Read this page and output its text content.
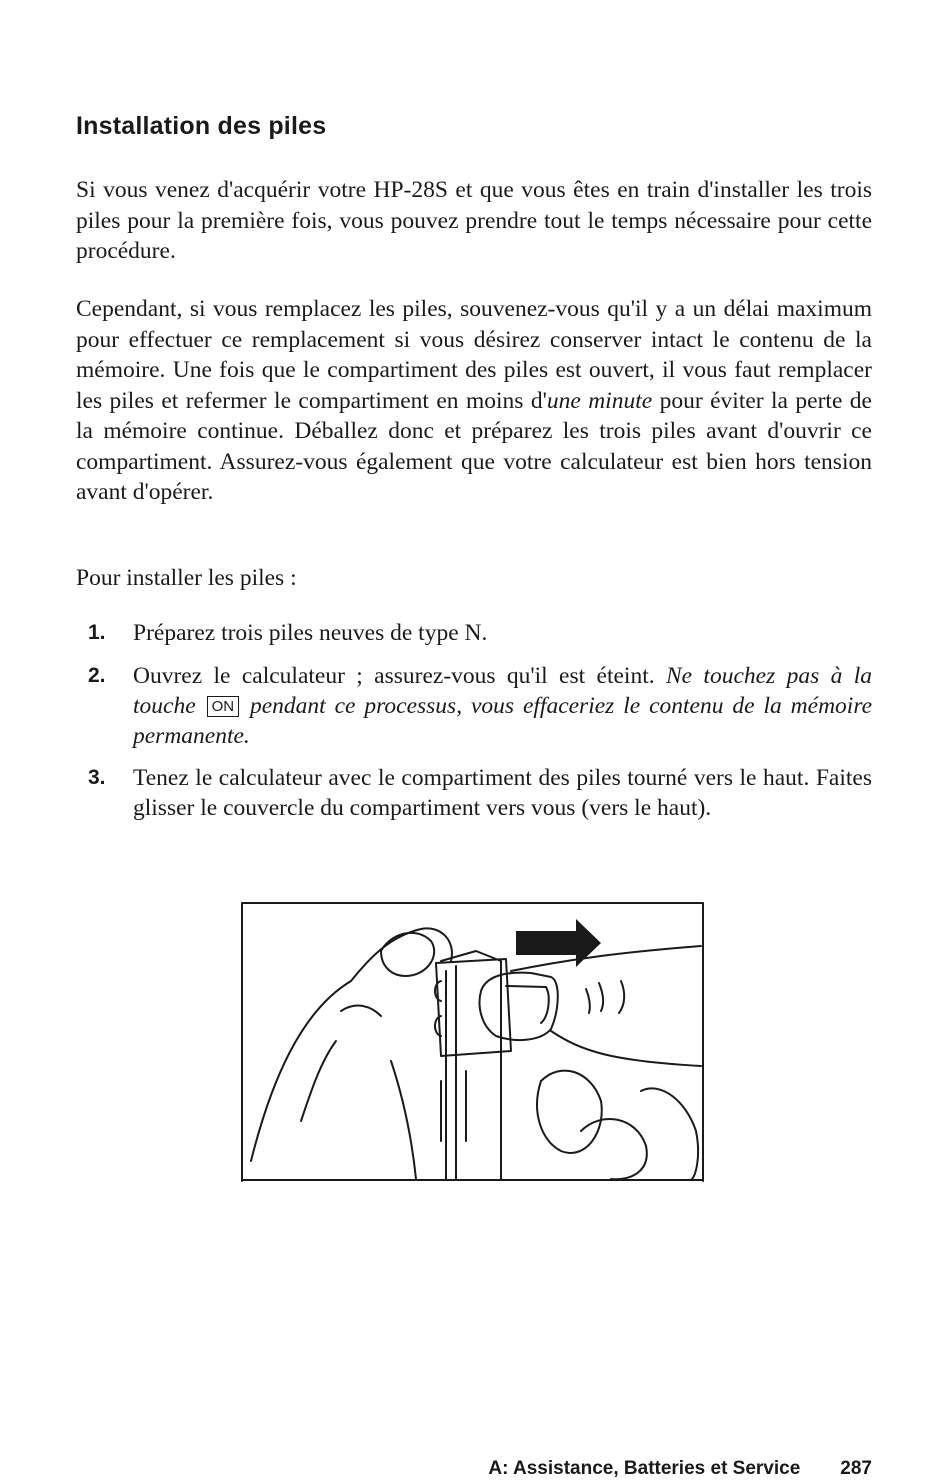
Installation des piles

Si vous venez d'acquérir votre HP-28S et que vous êtes en train d'installer les trois piles pour la première fois, vous pouvez prendre tout le temps nécessaire pour cette procédure.

Cependant, si vous remplacez les piles, souvenez-vous qu'il y a un délai maximum pour effectuer ce remplacement si vous désirez conserver intact le contenu de la mémoire. Une fois que le compartiment des piles est ouvert, il vous faut remplacer les piles et refermer le compartiment en moins d'une minute pour éviter la perte de la mémoire continue. Déballez donc et préparez les trois piles avant d'ouvrir ce compartiment. Assurez-vous également que votre calculateur est bien hors tension avant d'opérer.

Pour installer les piles :

1. Préparez trois piles neuves de type N.
2. Ouvrez le calculateur ; assurez-vous qu'il est éteint. Ne touchez pas à la touche ON pendant ce processus, vous effaceriez le contenu de la mémoire permanente.
3. Tenez le calculateur avec le compartiment des piles tourné vers le haut. Faites glisser le couvercle du compartiment vers vous (vers le haut).
A: Assistance, Batteries et Service 287
